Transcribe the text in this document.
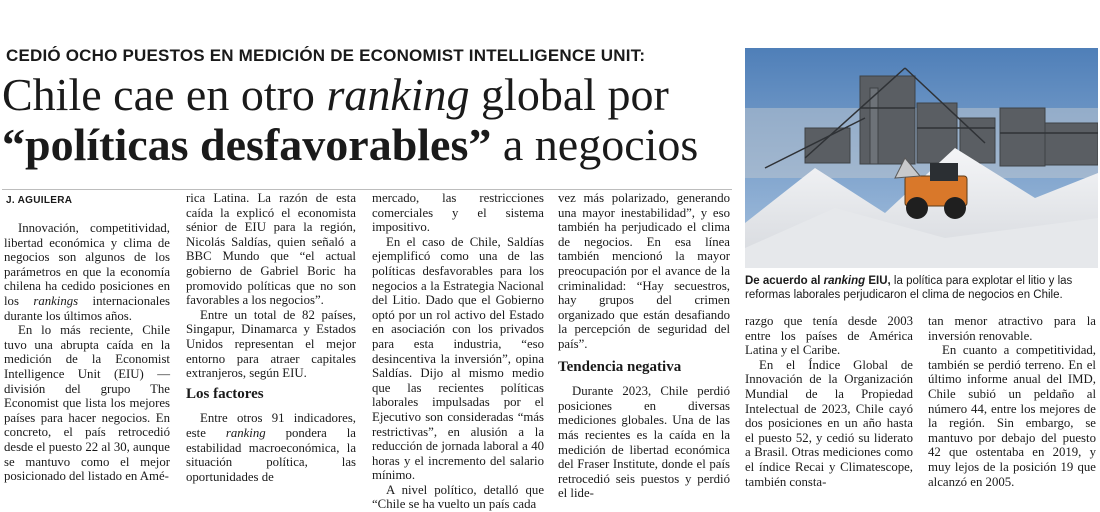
CEDIÓ OCHO PUESTOS EN MEDICIÓN DE ECONOMIST INTELLIGENCE UNIT:
Chile cae en otro ranking global por
“políticas desfavorables” a negocios
J. AGUILERA

Innovación, competitividad, libertad económica y clima de negocios son algunos de los parámetros en que la economía chilena ha cedido posiciones en los rankings internacionales durante los últimos años.

En lo más reciente, Chile tuvo una abrupta caída en la medición de la Economist Intelligence Unit (EIU) —división del grupo The Economist que lista los mejores países para hacer negocios. En concreto, el país retrocedió desde el puesto 22 al 30, aunque se mantuvo como el mejor posicionado del listado en Amé-

rica Latina. La razón de esta caída la explicó el economista sénior de EIU para la región, Nicolás Saldías, quien señaló a BBC Mundo que “el actual gobierno de Gabriel Boric ha promovido políticas que no son favorables a los negocios”.

Entre un total de 82 países, Singapur, Dinamarca y Estados Unidos representan el mejor entorno para atraer capitales extranjeros, según EIU.

Los factores

Entre otros 91 indicadores, este ranking pondera la estabilidad macroeconómica, la situación política, las oportunidades de

mercado, las restricciones comerciales y el sistema impositivo.

En el caso de Chile, Saldías ejemplificó como una de las políticas desfavorables para los negocios a la Estrategia Nacional del Litio. Dado que el Gobierno optó por un rol activo del Estado en asociación con los privados para esta industria, “eso desincentiva la inversión”, opina Saldías. Dijo al mismo medio que las recientes políticas laborales impulsadas por el Ejecutivo son consideradas “más restrictivas”, en alusión a la reducción de jornada laboral a 40 horas y el incremento del salario mínimo.

A nivel político, detalló que “Chile se ha vuelto un país cada

vez más polarizado, generando una mayor inestabilidad”, y eso también ha perjudicado el clima de negocios. En esa línea también mencionó la mayor preocupación por el avance de la criminalidad: “Hay secuestros, hay grupos del crimen organizado que están desafiando la percepción de seguridad del país”.

Tendencia negativa

Durante 2023, Chile perdió posiciones en diversas mediciones globales. Una de las más recientes es la caída en la medición de libertad económica del Fraser Institute, donde el país retrocedió seis puestos y perdió el lide-

De acuerdo al ranking EIU, la política para explotar el litio y las reformas laborales perjudicaron el clima de negocios en Chile.

razgo que tenía desde 2003 entre los países de América Latina y el Caribe.

En el Índice Global de Innovación de la Organización Mundial de la Propiedad Intelectual de 2023, Chile cayó dos posiciones en un año hasta el puesto 52, y cedió su liderato a Brasil. Otras mediciones como el índice Recai y Climatescope, también consta-

tan menor atractivo para la inversión renovable.

En cuanto a competitividad, también se perdió terreno. En el último informe anual del IMD, Chile subió un peldaño al número 44, entre los mejores de la región. Sin embargo, se mantuvo por debajo del puesto 42 que ostentaba en 2019, y muy lejos de la posición 19 que alcanzó en 2005.
